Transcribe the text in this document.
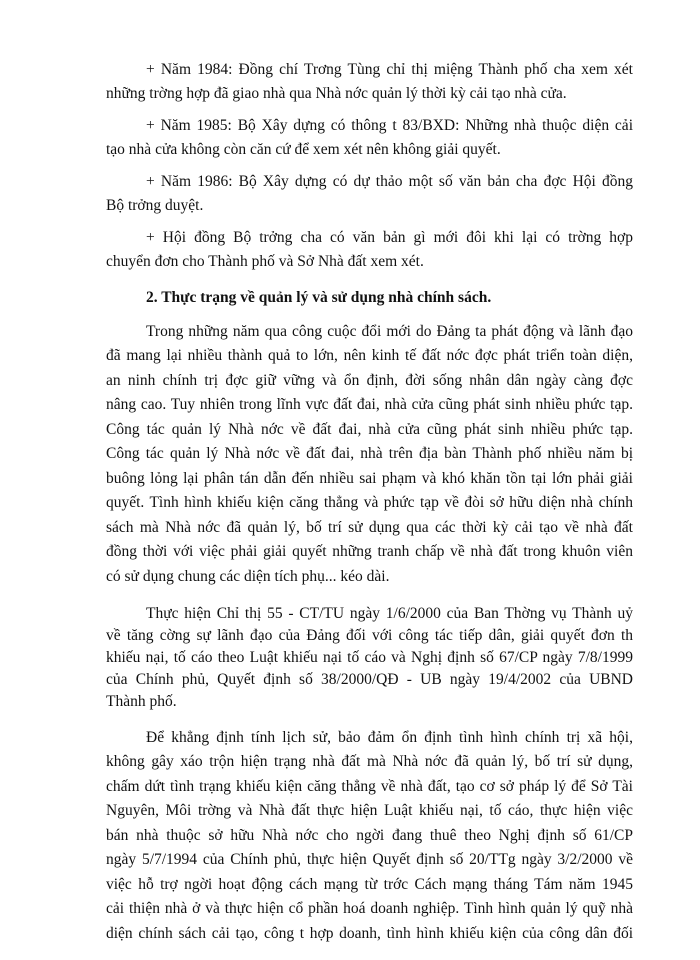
+ Năm 1984: Đồng chí Trơng Tùng chỉ thị miệng Thành phố cha xem xét
những trờng hợp đã giao nhà qua Nhà nớc quản lý thời kỳ cải tạo nhà cửa.
+ Năm 1985: Bộ Xây dựng có thông t 83/BXD: Những nhà thuộc diện cải
tạo nhà cửa không còn căn cứ để xem xét nên không giải quyết.
+ Năm 1986: Bộ Xây dựng có dự thảo một số văn bản cha đợc Hội đồng
Bộ trởng duyệt.
+ Hội đồng Bộ trởng cha có văn bản gì mới đôi khi lại có trờng hợp
chuyển đơn cho Thành phố và Sở Nhà đất xem xét.
2. Thực trạng về quản lý và sử dụng nhà chính sách.
Trong những năm qua công cuộc đổi mới do Đảng ta phát động và lãnh đạo
đã mang lại nhiều thành quả to lớn, nên kinh tế đất nớc đợc phát triển toàn diện,
an ninh chính trị đợc giữ vững và ổn định, đời sống nhân dân ngày càng đợc
nâng cao. Tuy nhiên trong lĩnh vực đất đai, nhà cửa cũng phát sinh nhiều phức tạp.
Công tác quản lý Nhà nớc về đất đai, nhà cửa cũng phát sinh nhiều phức tạp.
Công tác quản lý Nhà nớc về đất đai, nhà trên địa bàn Thành phố nhiều năm bị
buông lỏng lại phân tán dẫn đến nhiều sai phạm và khó khăn tồn tại lớn phải giải
quyết. Tình hình khiếu kiện căng thẳng và phức tạp về đòi sở hữu diện nhà chính
sách mà Nhà nớc đã quản lý, bố trí sử dụng qua các thời kỳ cải tạo về nhà đất
đồng thời với việc phải giải quyết những tranh chấp về nhà đất trong khuôn viên
có sử dụng chung các diện tích phụ... kéo dài.
Thực hiện Chỉ thị 55 - CT/TU ngày 1/6/2000 của Ban Thờng vụ Thành uỷ
về tăng cờng sự lãnh đạo của Đảng đối với công tác tiếp dân, giải quyết đơn th
khiếu nại, tố cáo theo Luật khiếu nại tố cáo và Nghị định số 67/CP ngày 7/8/1999
của Chính phủ, Quyết định số 38/2000/QĐ - UB ngày 19/4/2002 của UBND
Thành phố.
Để khẳng định tính lịch sử, bảo đảm ổn định tình hình chính trị xã hội,
không gây xáo trộn hiện trạng nhà đất mà Nhà nớc đã quản lý, bố trí sử dụng,
chấm dứt tình trạng khiếu kiện căng thẳng về nhà đất, tạo cơ sở pháp lý để Sở Tài
Nguyên, Môi trờng và Nhà đất thực hiện Luật khiếu nại, tố cáo, thực hiện việc
bán nhà thuộc sở hữu Nhà nớc cho ngời đang thuê theo Nghị định số 61/CP
ngày 5/7/1994 của Chính phủ, thực hiện Quyết định số 20/TTg ngày 3/2/2000 về
việc hỗ trợ ngời hoạt động cách mạng từ trớc Cách mạng tháng Tám năm 1945
cải thiện nhà ở và thực hiện cổ phần hoá doanh nghiệp. Tình hình quản lý quỹ nhà
diện chính sách cải tạo, công t hợp doanh, tình hình khiếu kiện của công dân đối
